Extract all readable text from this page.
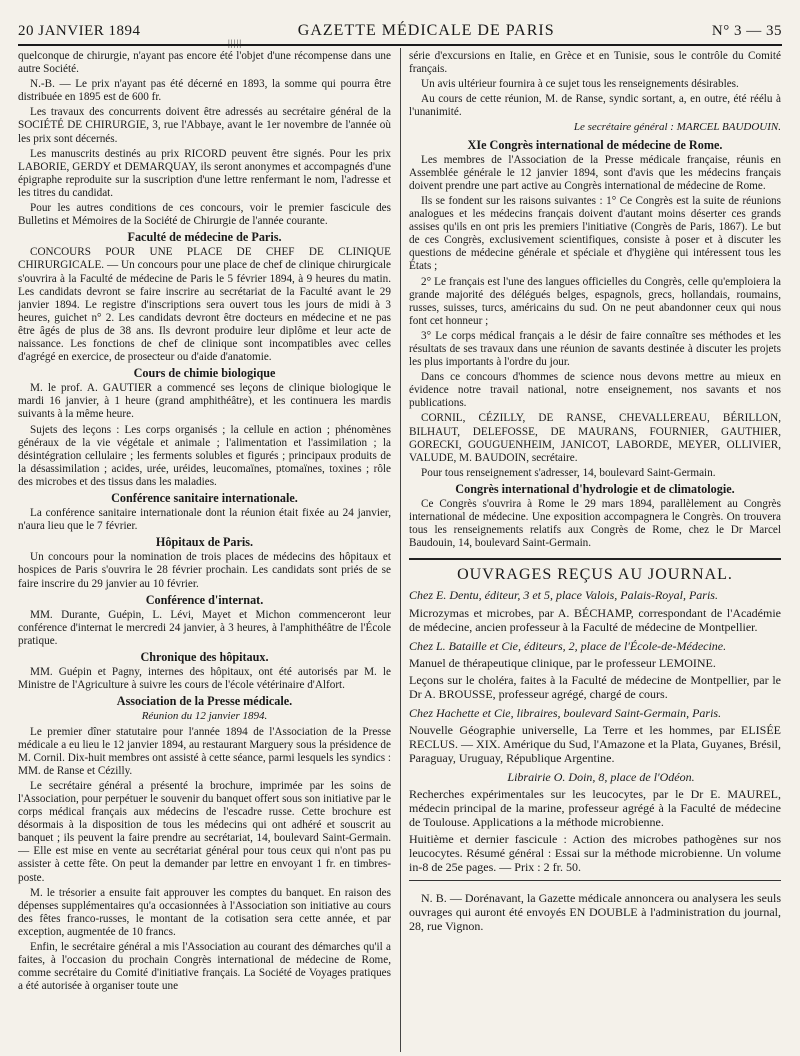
20 JANVIER 1894	GAZETTE MÉDICALE DE PARIS	N° 3 — 35
|||||

quelconque de chirurgie, n'ayant pas encore été l'objet d'une récompense dans une autre Société.

N.-B. — Le prix n'ayant pas été décerné en 1893, la somme qui pourra être distribuée en 1895 est de 600 fr.

Les travaux des concurrents doivent être adressés au secrétaire général de la SOCIÉTÉ DE CHIRURGIE, 3, rue l'Abbaye, avant le 1er novembre de l'année où les prix sont décernés.

Les manuscrits destinés au prix RICORD peuvent être signés. Pour les prix LABORIE, GERDY et DEMARQUAY, ils seront anonymes et accompagnés d'une épigraphe reproduite sur la suscription d'une lettre renfermant le nom, l'adresse et les titres du candidat.

Pour les autres conditions de ces concours, voir le premier fascicule des Bulletins et Mémoires de la Société de Chirurgie de l'année courante.

Faculté de médecine de Paris.

CONCOURS POUR UNE PLACE DE CHEF DE CLINIQUE CHIRURGICALE. — Un concours pour une place de chef de clinique chirurgicale s'ouvrira à la Faculté de médecine de Paris le 5 février 1894, à 9 heures du matin. Les candidats devront se faire inscrire au secrétariat de la Faculté avant le 29 janvier 1894. Le registre d'inscriptions sera ouvert tous les jours de midi à 3 heures, guichet n° 2. Les candidats devront être docteurs en médecine et ne pas être âgés de plus de 38 ans. Ils devront produire leur diplôme et leur acte de naissance. Les fonctions de chef de clinique sont incompatibles avec celles d'agrégé en exercice, de prosecteur ou d'aide d'anatomie.

Cours de chimie biologique

M. le prof. A. GAUTIER a commencé ses leçons de clinique biologique le mardi 16 janvier, à 1 heure (grand amphithéâtre), et les continuera les mardis suivants à la même heure.

Sujets des leçons : Les corps organisés ; la cellule en action ; phénomènes généraux de la vie végétale et animale ; l'alimentation et l'assimilation ; la désintégration cellulaire ; les ferments solubles et figurés ; principaux produits de la désassimilation ; acides, urée, uréides, leucomaïnes, ptomaïnes, toxines ; rôle des microbes et des tissus dans les maladies.

Conférence sanitaire internationale.

La conférence sanitaire internationale dont la réunion était fixée au 24 janvier, n'aura lieu que le 7 février.

Hôpitaux de Paris.

Un concours pour la nomination de trois places de médecins des hôpitaux et hospices de Paris s'ouvrira le 28 février prochain. Les candidats sont priés de se faire inscrire du 29 janvier au 10 février.

Conférence d'internat.

MM. Durante, Guépin, L. Lévi, Mayet et Michon commenceront leur conférence d'internat le mercredi 24 janvier, à 3 heures, à l'amphithéâtre de l'École pratique.

Chronique des hôpitaux.

MM. Guépin et Pagny, internes des hôpitaux, ont été autorisés par M. le Ministre de l'Agriculture à suivre les cours de l'école vétérinaire d'Alfort.

Association de la Presse médicale.
Réunion du 12 janvier 1894.

Le premier dîner statutaire pour l'année 1894 de l'Association de la Presse médicale a eu lieu le 12 janvier 1894, au restaurant Marguery sous la présidence de M. Cornil. Dix-huit membres ont assisté à cette séance, parmi lesquels les syndics : MM. de Ranse et Cézilly.

Le secrétaire général a présenté la brochure, imprimée par les soins de l'Association, pour perpétuer le souvenir du banquet offert sous son initiative par le corps médical français aux médecins de l'escadre russe. Cette brochure est désormais à la disposition de tous les médecins qui ont adhéré et souscrit au banquet ; ils peuvent la faire prendre au secrétariat, 14, boulevard Saint-Germain. — Elle est mise en vente au secrétariat général pour tous ceux qui n'ont pas pu assister à cette fête. On peut la demander par lettre en envoyant 1 fr. en timbres-poste.

M. le trésorier a ensuite fait approuver les comptes du banquet. En raison des dépenses supplémentaires qu'a occasionnées à l'Association son initiative au cours des fêtes franco-russes, le montant de la cotisation sera cette année, et par exception, augmentée de 10 francs.

Enfin, le secrétaire général a mis l'Association au courant des démarches qu'il a faites, à l'occasion du prochain Congrès international de médecine de Rome, comme secrétaire du Comité d'initiative français. La Société de Voyages pratiques a été autorisée à organiser toute une

série d'excursions en Italie, en Grèce et en Tunisie, sous le contrôle du Comité français.

Un avis ultérieur fournira à ce sujet tous les renseignements désirables.

Au cours de cette réunion, M. de Ranse, syndic sortant, a, en outre, été réélu à l'unanimité.

Le secrétaire général : MARCEL BAUDOUIN.
XIe Congrès international de médecine de Rome.

Les membres de l'Association de la Presse médicale française, réunis en Assemblée générale le 12 janvier 1894, sont d'avis que les médecins français doivent prendre une part active au Congrès international de médecine de Rome.

Ils se fondent sur les raisons suivantes : 1° Ce Congrès est la suite de réunions analogues et les médecins français doivent d'autant moins déserter ces grands assises qu'ils en ont pris les premiers l'initiative (Congrès de Paris, 1867). Le but de ces Congrès, exclusivement scientifiques, consiste à poser et à discuter les questions de médecine générale et spéciale et d'hygiène qui intéressent tous les États ;

2° Le français est l'une des langues officielles du Congrès, celle qu'emploiera la grande majorité des délégués belges, espagnols, grecs, hollandais, roumains, russes, suisses, turcs, américains du sud. On ne peut abandonner ceux qui nous font cet honneur ;

3° Le corps médical français a le désir de faire connaître ses méthodes et les résultats de ses travaux dans une réunion de savants destinée à discuter les projets les plus importants à l'ordre du jour.

Dans ce concours d'hommes de science nous devons mettre au mieux en évidence notre travail national, notre enseignement, nos savants et nos publications.

CORNIL, CÉZILLY, DE RANSE, CHEVALLEREAU, BÉRILLON, BILHAUT, DELEFOSSE, DE MAURANS, FOURNIER, GAUTHIER, GORECKI, GOUGUENHEIM, JANICOT, LABORDE, MEYER, OLLIVIER, VALUDE, M. BAUDOIN, secrétaire.

Pour tous renseignement s'adresser, 14, boulevard Saint-Germain.

Congrès international d'hydrologie et de climatologie.

Ce Congrès s'ouvrira à Rome le 29 mars 1894, parallèlement au Congrès international de médecine. Une exposition accompagnera le Congrès. On trouvera tous les renseignements relatifs aux Congrès de Rome, chez le Dr Marcel Baudouin, 14, boulevard Saint-Germain.

OUVRAGES REÇUS AU JOURNAL.

Chez E. Dentu, éditeur, 3 et 5, place Valois, Palais-Royal, Paris.

Microzymas et microbes, par A. BÉCHAMP, correspondant de l'Académie de médecine, ancien professeur à la Faculté de médecine de Montpellier.

Chez L. Bataille et Cie, éditeurs, 2, place de l'École-de-Médecine.

Manuel de thérapeutique clinique, par le professeur LEMOINE.

Leçons sur le choléra, faites à la Faculté de médecine de Montpellier, par le Dr A. BROUSSE, professeur agrégé, chargé de cours.

Chez Hachette et Cie, libraires, boulevard Saint-Germain, Paris.

Nouvelle Géographie universelle, La Terre et les hommes, par ELISÉE RECLUS. — XIX. Amérique du Sud, l'Amazone et la Plata, Guyanes, Brésil, Paraguay, Uruguay, République Argentine.

Librairie O. Doin, 8, place de l'Odéon.

Recherches expérimentales sur les leucocytes, par le Dr E. MAUREL, médecin principal de la marine, professeur agrégé à la Faculté de médecine de Toulouse. Applications a la méthode microbienne.

Huitième et dernier fascicule : Action des microbes pathogènes sur nos leucocytes. Résumé général : Essai sur la méthode microbienne. Un volume in-8 de 25e pages. — Prix : 2 fr. 50.

N. B. — Dorénavant, la Gazette médicale annoncera ou analysera les seuls ouvrages qui auront été envoyés EN DOUBLE à l'administration du journal, 28, rue Vignon.
